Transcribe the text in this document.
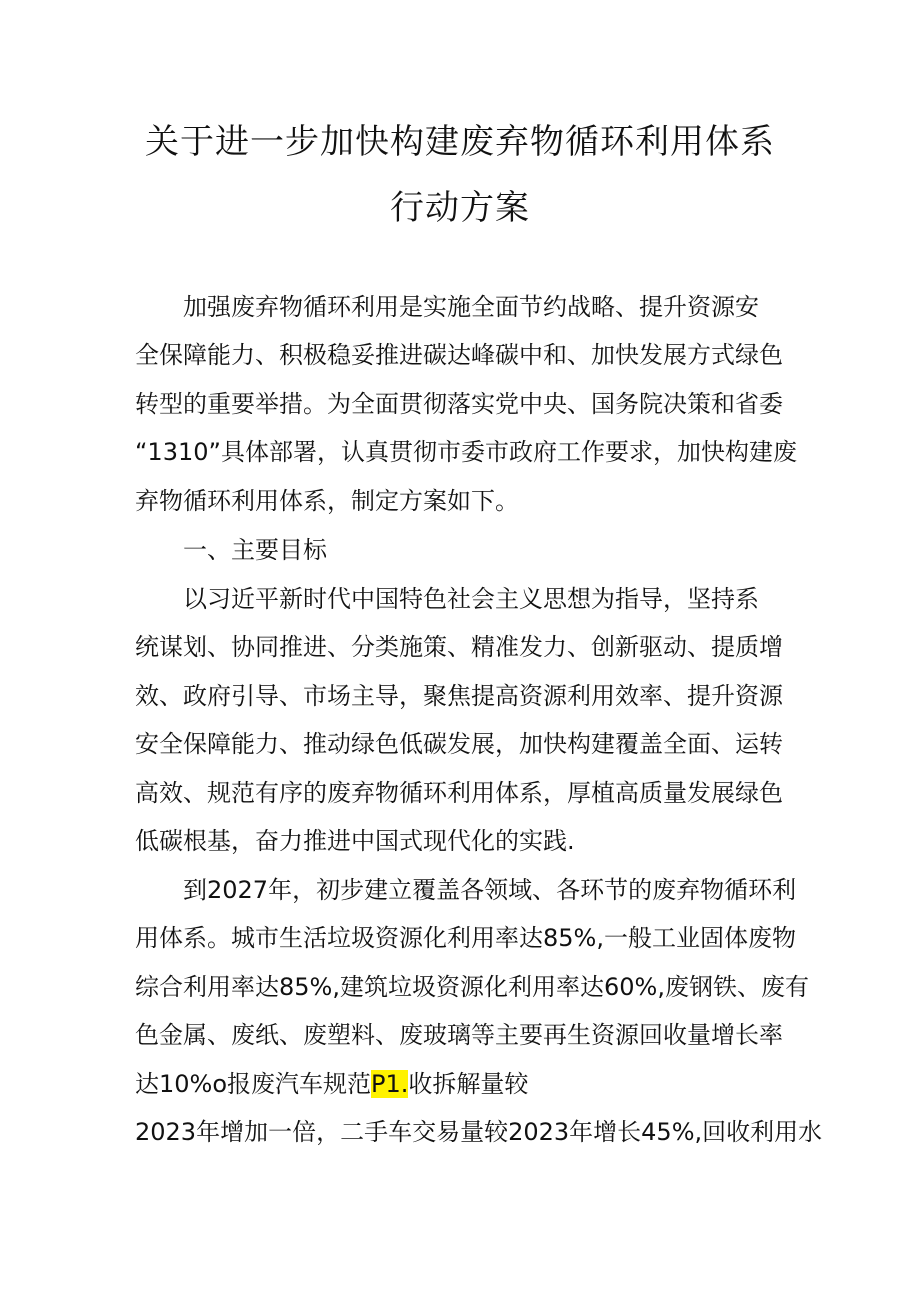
关于进一步加快构建废弃物循环利用体系
行动方案
加强废弃物循环利用是实施全面节约战略、提升资源安
全保障能力、积极稳妥推进碳达峰碳中和、加快发展方式绿色
转型的重要举措。为全面贯彻落实党中央、国务院决策和省委
“1310”具体部署，认真贯彻市委市政府工作要求，加快构建废
弃物循环利用体系，制定方案如下。
一、主要目标
以习近平新时代中国特色社会主义思想为指导，坚持系
统谋划、协同推进、分类施策、精准发力、创新驱动、提质增
效、政府引导、市场主导，聚焦提高资源利用效率、提升资源
安全保障能力、推动绿色低碳发展，加快构建覆盖全面、运转
高效、规范有序的废弃物循环利用体系，厚植高质量发展绿色
低碳根基，奋力推进中国式现代化的实践.
到2027年，初步建立覆盖各领域、各环节的废弃物循环利
用体系。城市生活垃圾资源化利用率达85%,一般工业固体废物
综合利用率达85%,建筑垃圾资源化利用率达60%,废钢铁、废有
色金属、废纸、废塑料、废玻璃等主要再生资源回收量增长率
达10%o报废汽车规范P1.收拆解量较
2023年增加一倍，二手车交易量较2023年增长45%,回收利用水
